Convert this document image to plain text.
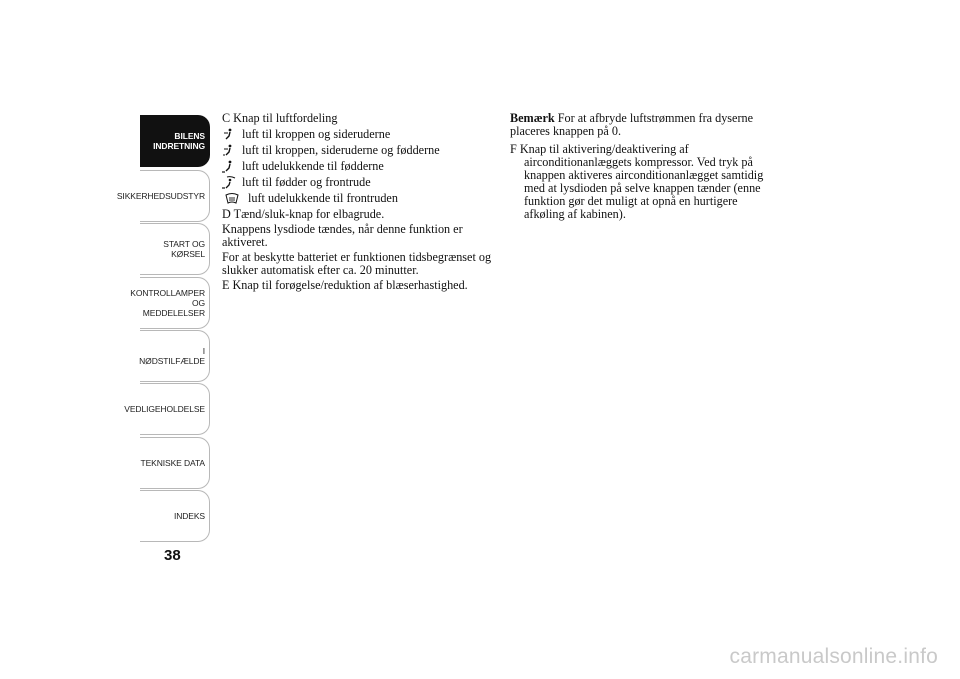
BILENS INDRETNING
SIKKERHEDSUDSTYR
START OG KØRSEL
KONTROLLAMPER OG MEDDELELSER
I NØDSTILFÆLDE
VEDLIGEHOLDELSE
TEKNISKE DATA
INDEKS
38
C Knap til luftfordeling
luft til kroppen og sideruderne
luft til kroppen, sideruderne og fødderne
luft udelukkende til fødderne
luft til fødder og frontrude
luft udelukkende til frontruden
D Tænd/sluk-knap for elbagrude.
Knappens lysdiode tændes, når denne funktion er aktiveret.
For at beskytte batteriet er funktionen tidsbegrænset og slukker automatisk efter ca. 20 minutter.
E Knap til forøgelse/reduktion af blæserhastighed.
Bemærk For at afbryde luftstrømmen fra dyserne placeres knappen på 0.
F Knap til aktivering/deaktivering af airconditionanlæggets kompressor. Ved tryk på knappen aktiveres airconditionanlægget samtidig med at lysdioden på selve knappen tænder (enne funktion gør det muligt at opnå en hurtigere afkøling af kabinen).
carmanualsonline.info
